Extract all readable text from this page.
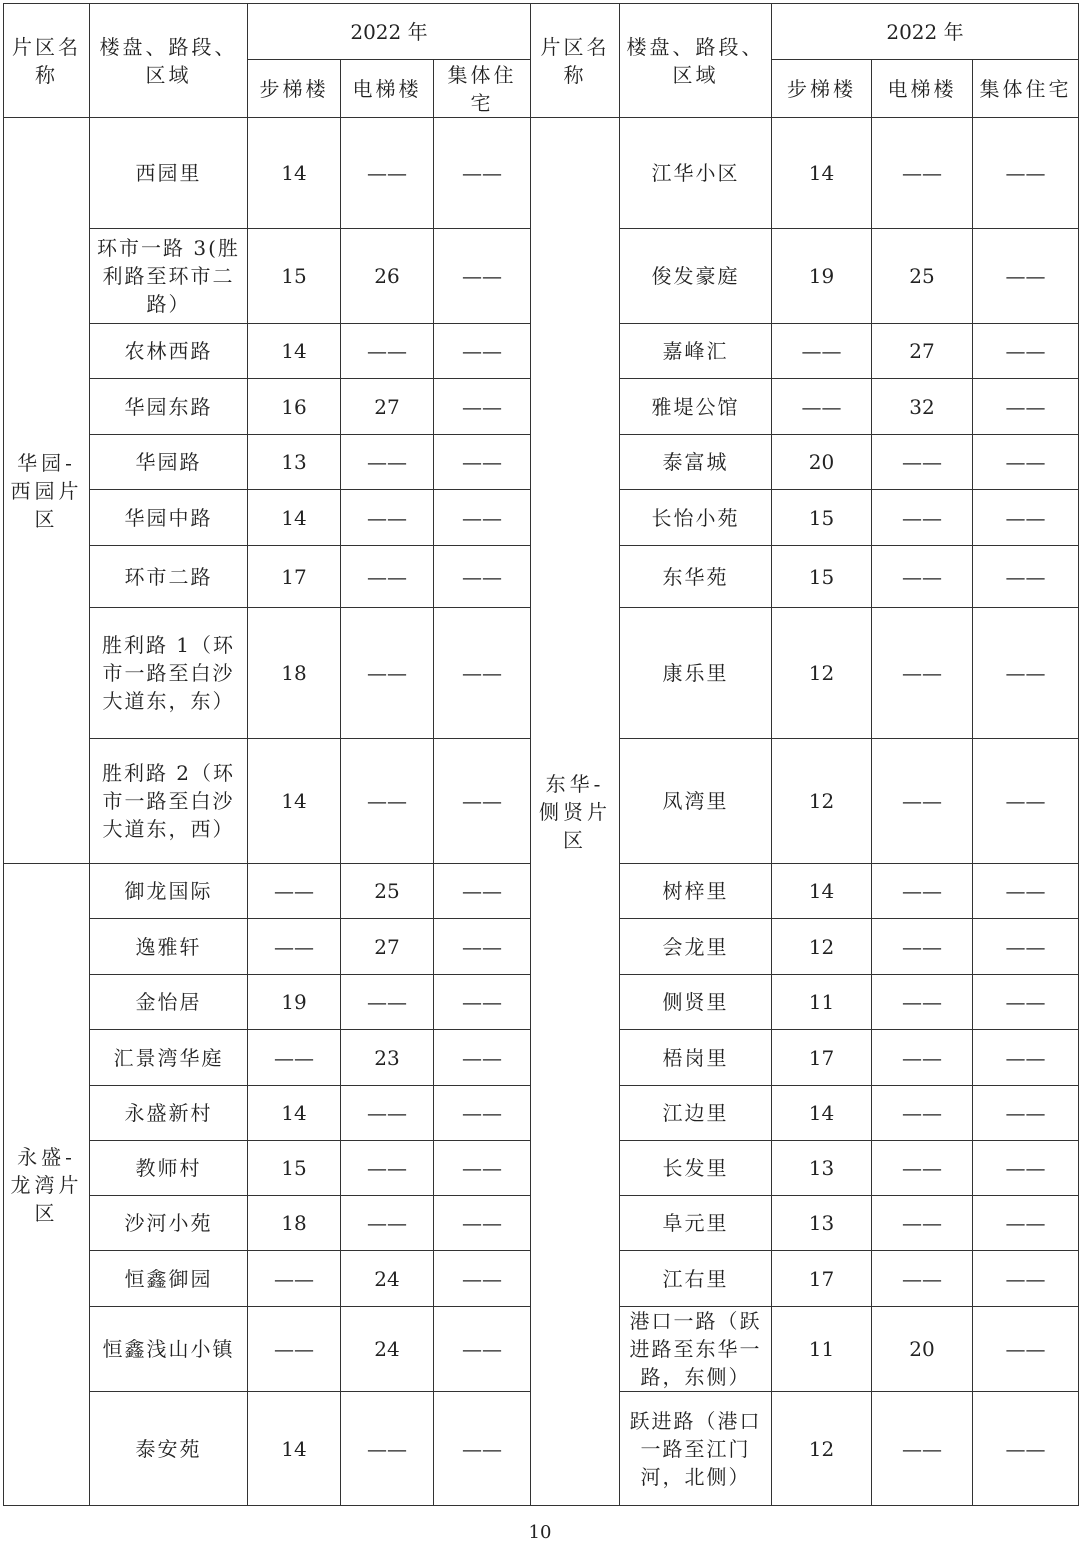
片区名称	楼盘、路段、区域	2022 年			片区名称	楼盘、路段、区域	2022 年		
		步梯楼	电梯楼	集体住宅			步梯楼	电梯楼	集体住宅
华园-西园片区	西园里	14	——	——	东华-侧贤片区	江华小区	14	——	——
	环市一路 3(胜利路至环市二路）	15	26	——		俊发豪庭	19	25	——
	农林西路	14	——	——		嘉峰汇	——	27	——
	华园东路	16	27	——		雅堤公馆	——	32	——
	华园路	13	——	——		泰富城	20	——	——
	华园中路	14	——	——		长怡小苑	15	——	——
	环市二路	17	——	——		东华苑	15	——	——
	胜利路 1（环市一路至白沙大道东，东）	18	——	——		康乐里	12	——	——
	胜利路 2（环市一路至白沙大道东，西）	14	——	——		凤湾里	12	——	——
永盛-龙湾片区	御龙国际	——	25	——		树梓里	14	——	——
	逸雅轩	——	27	——		会龙里	12	——	——
	金怡居	19	——	——		侧贤里	11	——	——
	汇景湾华庭	——	23	——		梧岗里	17	——	——
	永盛新村	14	——	——		江边里	14	——	——
	教师村	15	——	——		长发里	13	——	——
	沙河小苑	18	——	——		阜元里	13	——	——
	恒鑫御园	——	24	——		江右里	17	——	——
	恒鑫浅山小镇	——	24	——		港口一路（跃进路至东华一路，东侧）	11	20	——
	泰安苑	14	——	——		跃进路（港口一路至江门河，北侧）	12	——	——
10
